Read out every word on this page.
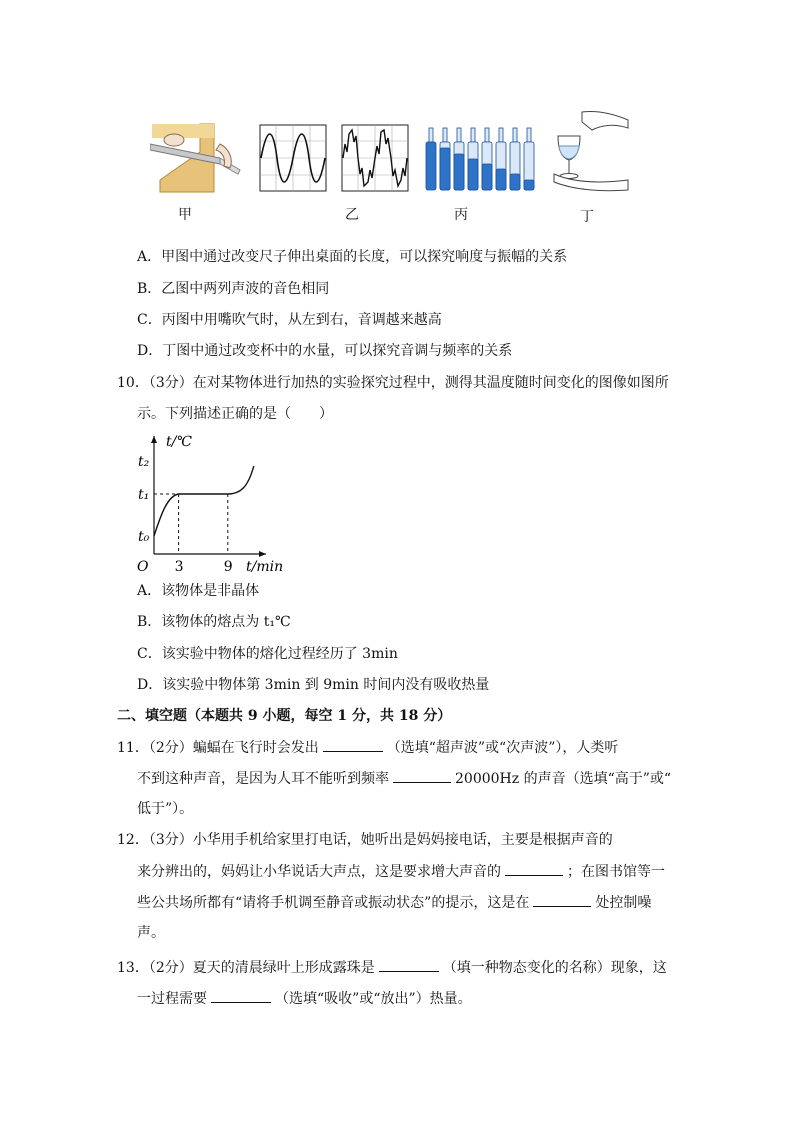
甲	乙	丙	丁
A．甲图中通过改变尺子伸出桌面的长度，可以探究响度与振幅的关系
B．乙图中两列声波的音色相同
C．丙图中用嘴吹气时，从左到右，音调越来越高
D．丁图中通过改变杯中的水量，可以探究音调与频率的关系
10．（3分）在对某物体进行加热的实验探究过程中，测得其温度随时间变化的图像如图所
示。下列描述正确的是（　　）
t/℃
t/min
O
t₀
t₁
t₂
3	9
A．该物体是非晶体
B．该物体的熔点为 t₁℃
C．该实验中物体的熔化过程经历了 3min
D．该实验中物体第 3min 到 9min 时间内没有吸收热量
二、填空题（本题共 9 小题，每空 1 分，共 18 分）
11．（2分）蝙蝠在飞行时会发出	（选填“超声波”或“次声波”），人类听
不到这种声音，是因为人耳不能听到频率	20000Hz 的声音（选填“高于”或“
低于”）。
12．（3分）小华用手机给家里打电话，她听出是妈妈接电话，主要是根据声音的
来分辨出的，妈妈让小华说话大声点，这是要求增大声音的	；在图书馆等一
些公共场所都有“请将手机调至静音或振动状态”的提示，这是在	处控制噪
声。
13．（2分）夏天的清晨绿叶上形成露珠是	（填一种物态变化的名称）现象，这
一过程需要	（选填“吸收”或“放出”）热量。
